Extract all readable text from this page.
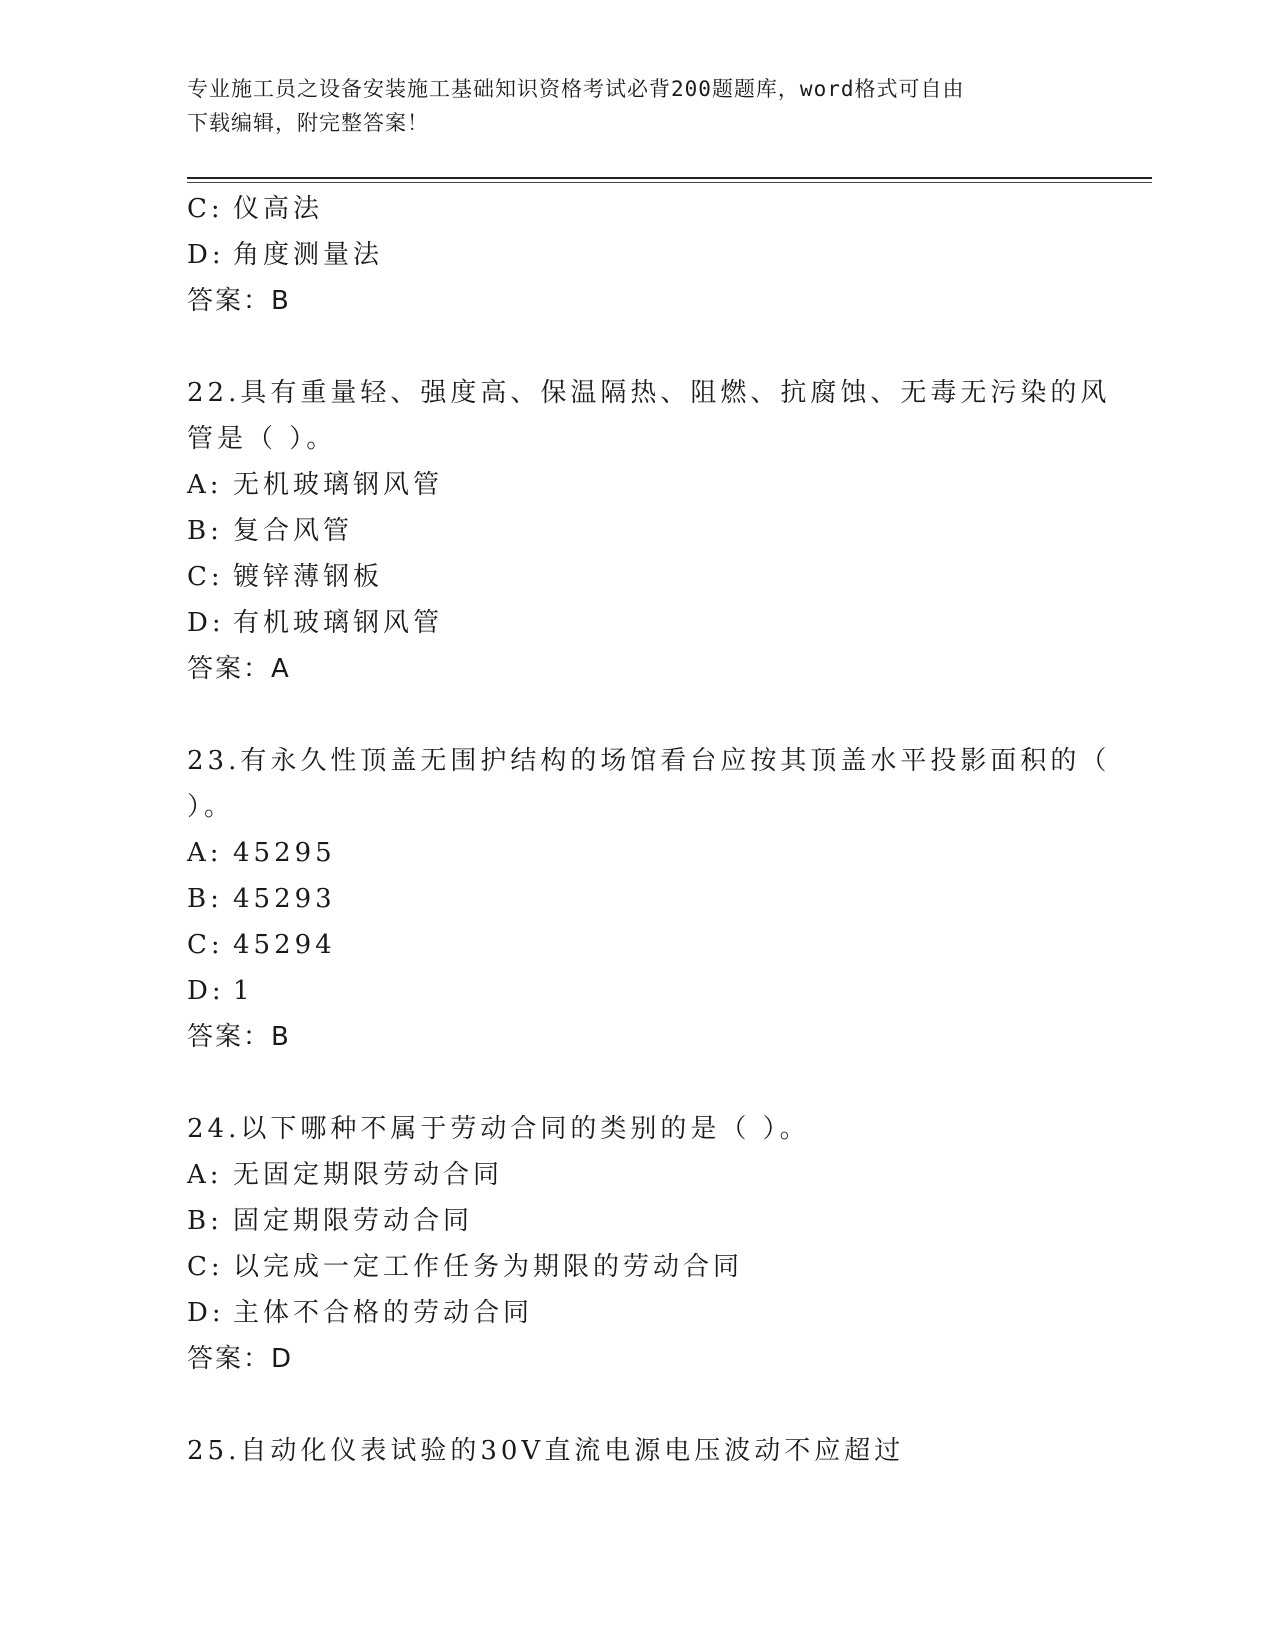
专业施工员之设备安装施工基础知识资格考试必背200题题库，word格式可自由
下载编辑，附完整答案！
C: 仪高法
D: 角度测量法
答案：B
22.具有重量轻、强度高、保温隔热、阻燃、抗腐蚀、无毒无污染的风
管是（ ）。
A: 无机玻璃钢风管
B: 复合风管
C: 镀锌薄钢板
D: 有机玻璃钢风管
答案：A
23.有永久性顶盖无围护结构的场馆看台应按其顶盖水平投影面积的（
）。
A: 45295
B: 45293
C: 45294
D: 1
答案：B
24.以下哪种不属于劳动合同的类别的是（ ）。
A: 无固定期限劳动合同
B: 固定期限劳动合同
C: 以完成一定工作任务为期限的劳动合同
D: 主体不合格的劳动合同
答案：D
25.自动化仪表试验的30V直流电源电压波动不应超过
